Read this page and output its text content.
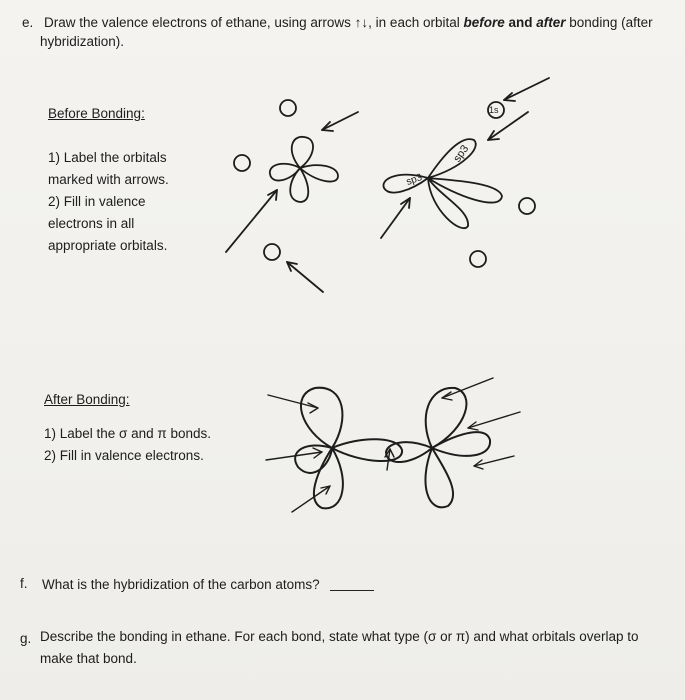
e. Draw the valence electrons of ethane, using arrows ↑↓, in each orbital before and after bonding (after
hybridization).
Before Bonding:
1) Label the orbitals
marked with arrows.
2) Fill in valence
electrons in all
appropriate orbitals.
sp3
sp3
1s
After Bonding:
1) Label the σ and π bonds.
2) Fill in valence electrons.
f. What is the hybridization of the carbon atoms?
g. Describe the bonding in ethane. For each bond, state what type (σ or π) and what orbitals overlap to
make that bond.
